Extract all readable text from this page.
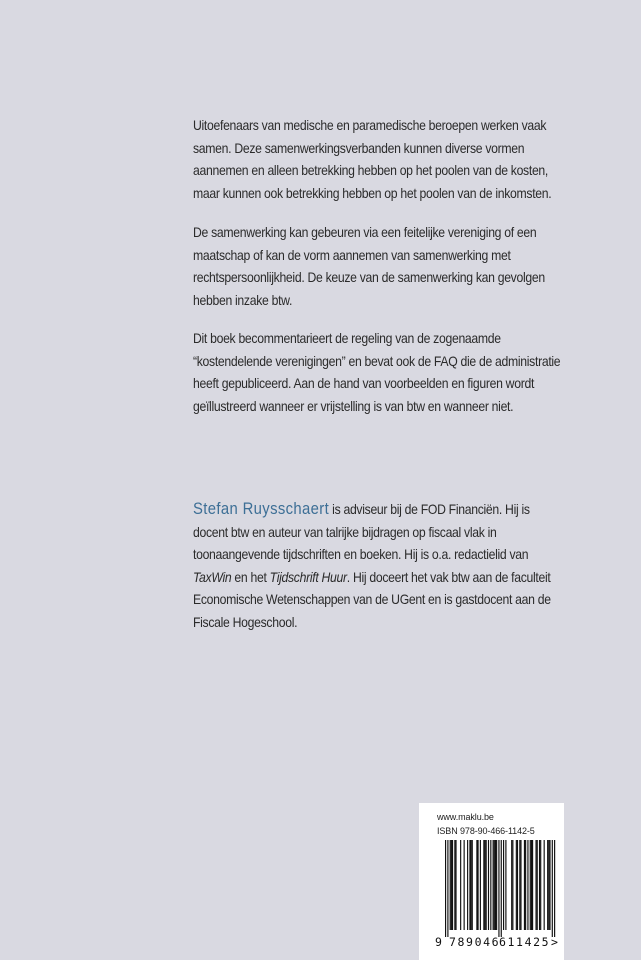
Uitoefenaars van medische en paramedische beroepen werken vaak samen. Deze samenwerkingsverbanden kunnen diverse vormen aannemen en alleen betrekking hebben op het poolen van de kosten, maar kunnen ook betrekking hebben op het poolen van de inkomsten.

De samenwerking kan gebeuren via een feitelijke vereniging of een maatschap of kan de vorm aannemen van samenwerking met rechtspersoonlijkheid. De keuze van de samenwerking kan gevolgen hebben inzake btw.

Dit boek becommentarieert de regeling van de zogenaamde “kostendelende verenigingen” en bevat ook de FAQ die de administratie heeft gepubliceerd. Aan de hand van voorbeelden en figuren wordt geïllustreerd wanneer er vrijstelling is van btw en wanneer niet.

Stefan Ruysschaert is adviseur bij de FOD Financiën. Hij is docent btw en auteur van talrijke bijdragen op fiscaal vlak in toonaangevende tijdschriften en boeken. Hij is o.a. redactielid van TaxWin en het Tijdschrift Huur. Hij doceert het vak btw aan de faculteit Economische Wetenschappen van de UGent en is gastdocent aan de Fiscale Hogeschool.

www.maklu.be
ISBN 978-90-466-1142-5
9 789046
611425 >
